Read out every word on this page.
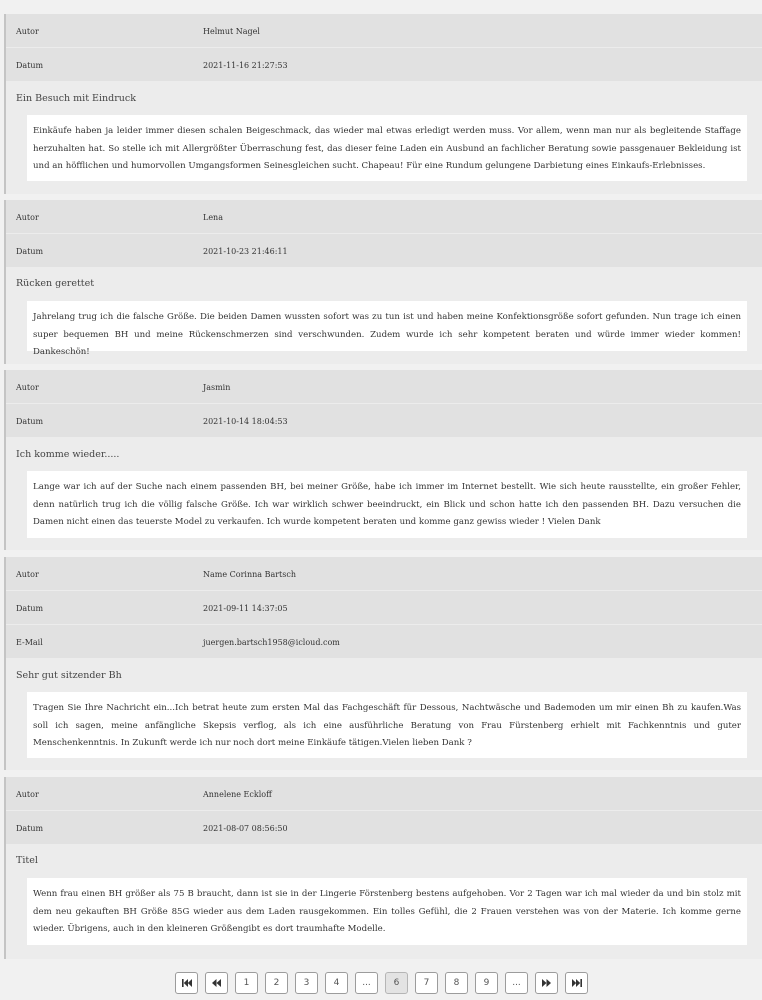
Autor	Helmut Nagel
Datum	2021-11-16 21:27:53
Ein Besuch mit Eindruck
Einkäufe haben ja leider immer diesen schalen Beigeschmack, das wieder mal etwas erledigt werden muss. Vor allem, wenn man nur als begleitende Staffage herzuhalten hat. So stelle ich mit Allergrößter Überraschung fest, das dieser feine Laden ein Ausbund an fachlicher Beratung sowie passgenauer Bekleidung ist und an höfflichen und humorvollen Umgangsformen Seinesgleichen sucht. Chapeau! Für eine Rundum gelungene Darbietung eines Einkaufs-Erlebnisses.
Autor	Lena
Datum	2021-10-23 21:46:11
Rücken gerettet
Jahrelang trug ich die falsche Größe. Die beiden Damen wussten sofort was zu tun ist und haben meine Konfektionsgröße sofort gefunden. Nun trage ich einen super bequemen BH und meine Rückenschmerzen sind verschwunden. Zudem wurde ich sehr kompetent beraten und würde immer wieder kommen! Dankeschön!
Autor	Jasmin
Datum	2021-10-14 18:04:53
Ich komme wieder.....
Lange war ich auf der Suche nach einem passenden BH, bei meiner Größe, habe ich immer im Internet bestellt. Wie sich heute rausstellte, ein großer Fehler, denn natürlich trug ich die völlig falsche Größe. Ich war wirklich schwer beeindruckt, ein Blick und schon hatte ich den passenden BH. Dazu versuchen die Damen nicht einen das teuerste Model zu verkaufen. Ich wurde kompetent beraten und komme ganz gewiss wieder ! Vielen Dank
Autor	Name Corinna Bartsch
Datum	2021-09-11 14:37:05
E-Mail	juergen.bartsch1958@icloud.com
Sehr gut sitzender Bh
Tragen Sie Ihre Nachricht ein...Ich betrat heute zum ersten Mal das Fachgeschäft für Dessous, Nachtwäsche und Bademoden um mir einen Bh zu kaufen.Was soll ich sagen, meine anfängliche Skepsis verflog, als ich eine ausführliche Beratung von Frau Fürstenberg erhielt mit Fachkenntnis und guter Menschenkenntnis. In Zukunft werde ich nur noch dort meine Einkäufe tätigen.Vielen lieben Dank ?
Autor	Annelene Eckloff
Datum	2021-08-07 08:56:50
Titel
Wenn frau einen BH größer als 75 B braucht, dann ist sie in der Lingerie Förstenberg bestens aufgehoben. Vor 2 Tagen war ich mal wieder da und bin stolz mit dem neu gekauften BH Größe 85G wieder aus dem Laden rausgekommen. Ein tolles Gefühl, die 2 Frauen verstehen was von der Materie. Ich komme gerne wieder. Übrigens, auch in den kleineren Größengibt es dort traumhafte Modelle.
1	2	3	4	...	6	7	8	9	...
